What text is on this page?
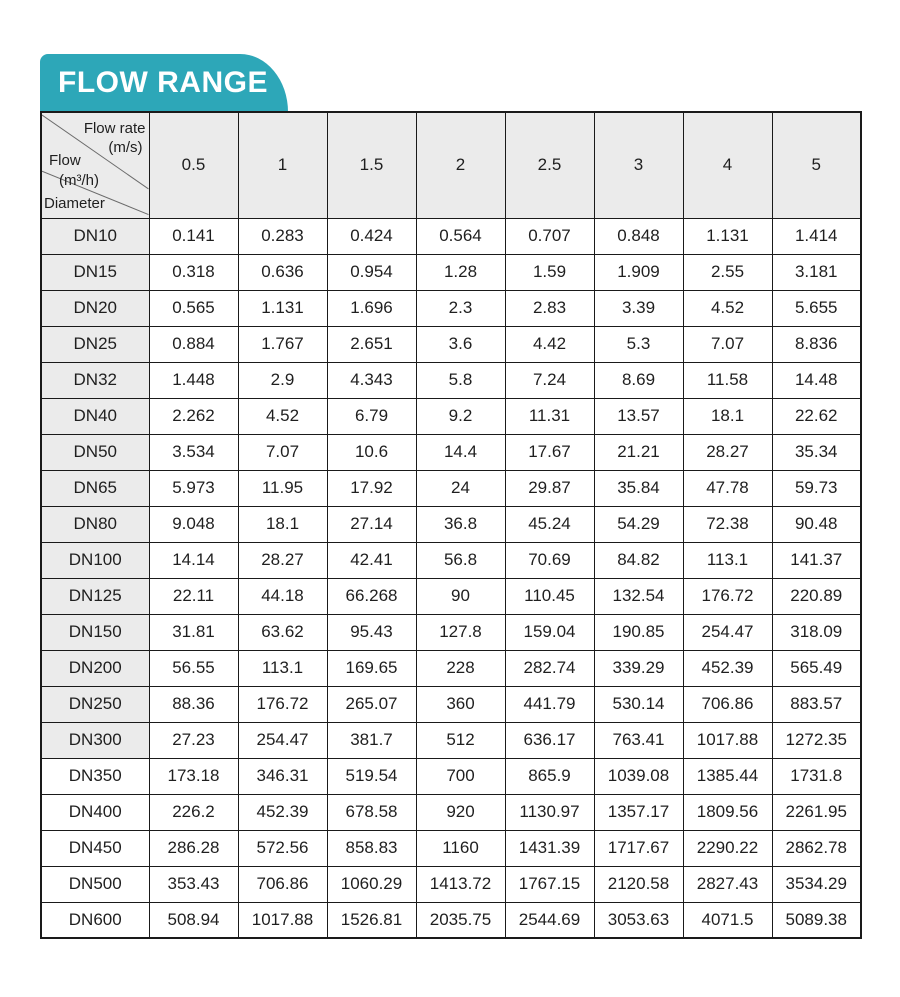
FLOW RANGE
Flow rate
(m/s)
Flow
(m³/h)
Diameter	0.5	1	1.5	2	2.5	3	4	5
DN10	0.141	0.283	0.424	0.564	0.707	0.848	1.131	1.414
DN15	0.318	0.636	0.954	1.28	1.59	1.909	2.55	3.181
DN20	0.565	1.131	1.696	2.3	2.83	3.39	4.52	5.655
DN25	0.884	1.767	2.651	3.6	4.42	5.3	7.07	8.836
DN32	1.448	2.9	4.343	5.8	7.24	8.69	11.58	14.48
DN40	2.262	4.52	6.79	9.2	11.31	13.57	18.1	22.62
DN50	3.534	7.07	10.6	14.4	17.67	21.21	28.27	35.34
DN65	5.973	11.95	17.92	24	29.87	35.84	47.78	59.73
DN80	9.048	18.1	27.14	36.8	45.24	54.29	72.38	90.48
DN100	14.14	28.27	42.41	56.8	70.69	84.82	113.1	141.37
DN125	22.11	44.18	66.268	90	110.45	132.54	176.72	220.89
DN150	31.81	63.62	95.43	127.8	159.04	190.85	254.47	318.09
DN200	56.55	113.1	169.65	228	282.74	339.29	452.39	565.49
DN250	88.36	176.72	265.07	360	441.79	530.14	706.86	883.57
DN300	27.23	254.47	381.7	512	636.17	763.41	1017.88	1272.35
DN350	173.18	346.31	519.54	700	865.9	1039.08	1385.44	1731.8
DN400	226.2	452.39	678.58	920	1130.97	1357.17	1809.56	2261.95
DN450	286.28	572.56	858.83	1160	1431.39	1717.67	2290.22	2862.78
DN500	353.43	706.86	1060.29	1413.72	1767.15	2120.58	2827.43	3534.29
DN600	508.94	1017.88	1526.81	2035.75	2544.69	3053.63	4071.5	5089.38
